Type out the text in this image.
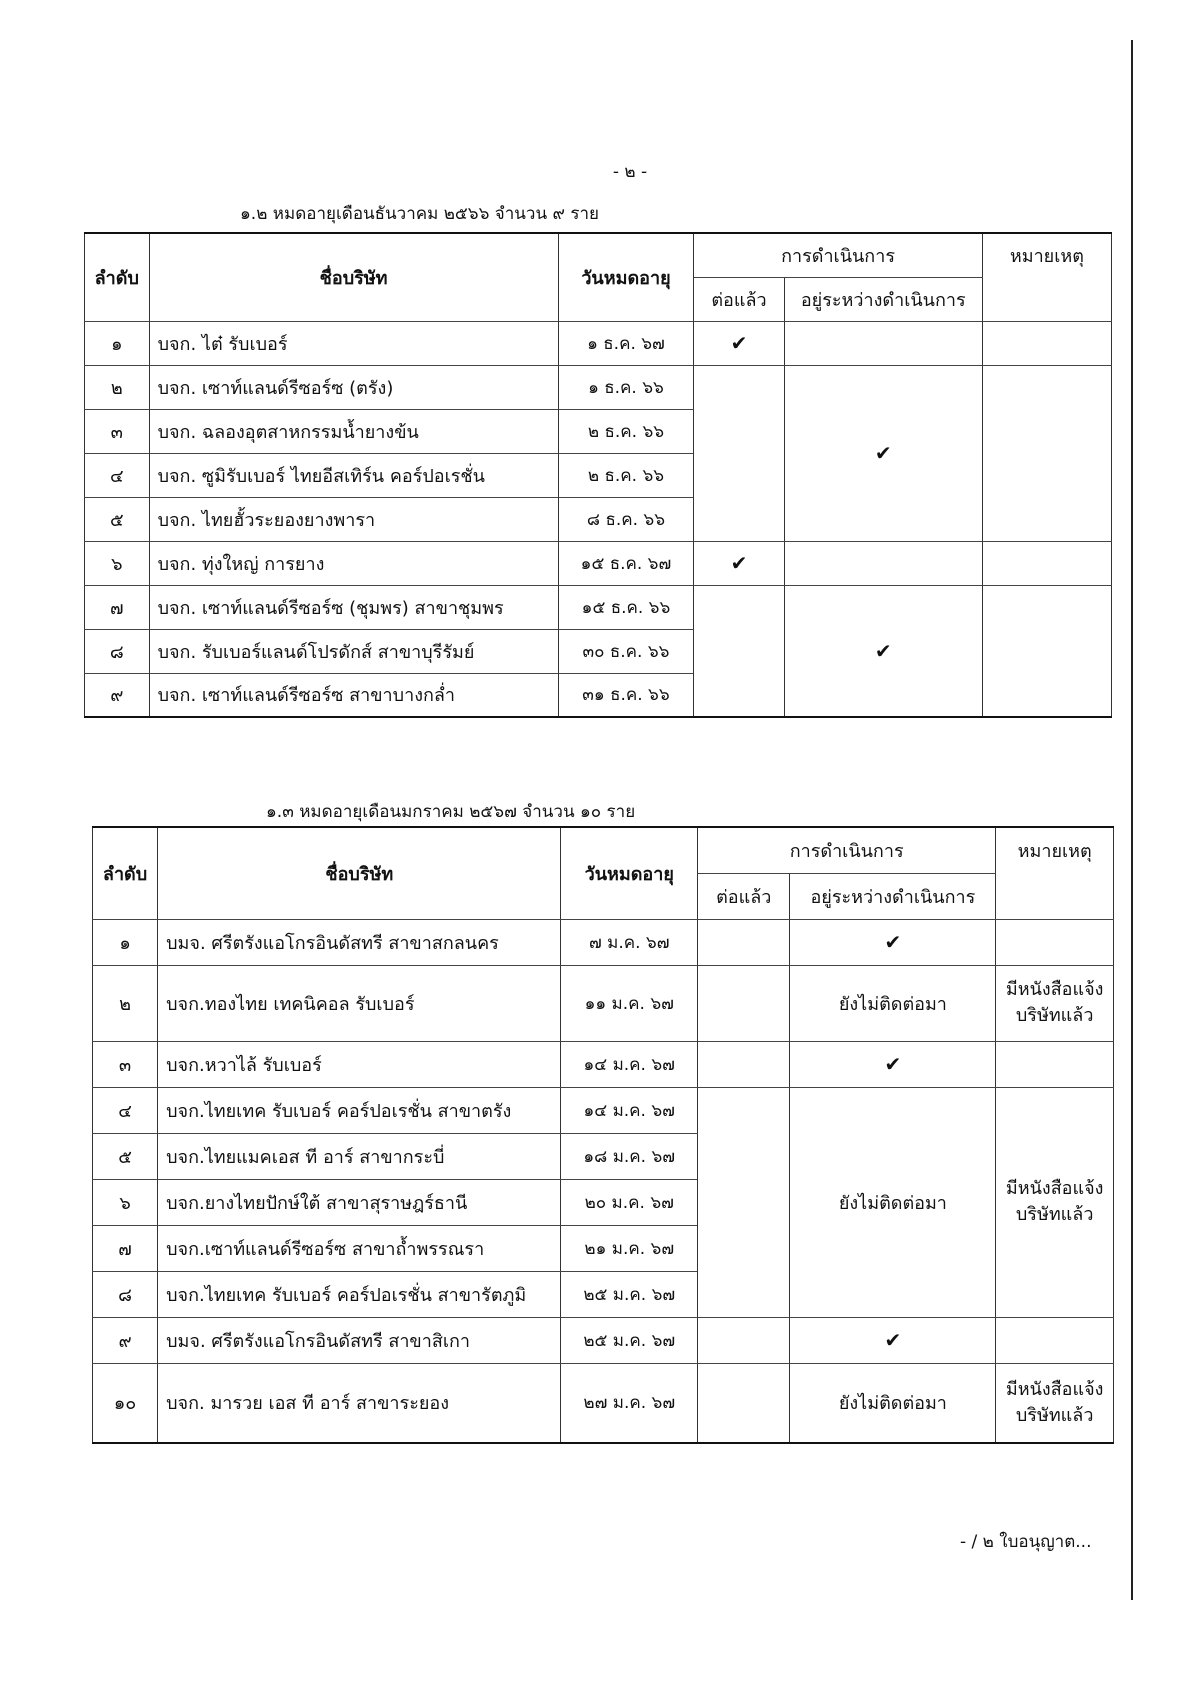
- ๒ -
๑.๒ หมดอายุเดือนธันวาคม ๒๕๖๖ จำนวน ๙ ราย
ลำดับ	ชื่อบริษัท	วันหมดอายุ	การดำเนินการ		หมายเหตุ
			ต่อแล้ว	อยู่ระหว่างดำเนินการ	
๑	บจก. ไต๋ รับเบอร์	๑ ธ.ค. ๖๗	✔		
๒	บจก. เซาท์แลนด์รีซอร์ซ (ตรัง)	๑ ธ.ค. ๖๖		✔	
๓	บจก. ฉลองอุตสาหกรรมน้ำยางข้น	๒ ธ.ค. ๖๖			
๔	บจก. ซูมิรับเบอร์ ไทยอีสเทิร์น คอร์ปอเรชั่น	๒ ธ.ค. ๖๖			
๕	บจก. ไทยฮั้วระยองยางพารา	๘ ธ.ค. ๖๖			
๖	บจก. ทุ่งใหญ่ การยาง	๑๕ ธ.ค. ๖๗	✔		
๗	บจก. เซาท์แลนด์รีซอร์ซ (ชุมพร) สาขาชุมพร	๑๕ ธ.ค. ๖๖		✔	
๘	บจก. รับเบอร์แลนด์โปรดักส์ สาขาบุรีรัมย์	๓๐ ธ.ค. ๖๖			
๙	บจก. เซาท์แลนด์รีซอร์ซ สาขาบางกล่ำ	๓๑ ธ.ค. ๖๖			
๑.๓ หมดอายุเดือนมกราคม ๒๕๖๗ จำนวน ๑๐ ราย
ลำดับ	ชื่อบริษัท	วันหมดอายุ	การดำเนินการ		หมายเหตุ
			ต่อแล้ว	อยู่ระหว่างดำเนินการ	
๑	บมจ. ศรีตรังแอโกรอินดัสทรี สาขาสกลนคร	๗ ม.ค. ๖๗		✔	
๒	บจก.ทองไทย เทคนิคอล รับเบอร์	๑๑ ม.ค. ๖๗		ยังไม่ติดต่อมา	มีหนังสือแจ้งบริษัทแล้ว
๓	บจก.หวาไล้ รับเบอร์	๑๔ ม.ค. ๖๗		✔	
๔	บจก.ไทยเทค รับเบอร์ คอร์ปอเรชั่น สาขาตรัง	๑๔ ม.ค. ๖๗		ยังไม่ติดต่อมา	มีหนังสือแจ้งบริษัทแล้ว
๕	บจก.ไทยแมคเอส ที อาร์ สาขากระบี่	๑๘ ม.ค. ๖๗			
๖	บจก.ยางไทยปักษ์ใต้ สาขาสุราษฎร์ธานี	๒๐ ม.ค. ๖๗			
๗	บจก.เซาท์แลนด์รีซอร์ซ สาขาถ้ำพรรณรา	๒๑ ม.ค. ๖๗			
๘	บจก.ไทยเทค รับเบอร์ คอร์ปอเรชั่น สาขารัตภูมิ	๒๕ ม.ค. ๖๗			
๙	บมจ. ศรีตรังแอโกรอินดัสทรี สาขาสิเกา	๒๕ ม.ค. ๖๗		✔	
๑๐	บจก. มารวย เอส ที อาร์ สาขาระยอง	๒๗ ม.ค. ๖๗		ยังไม่ติดต่อมา	มีหนังสือแจ้งบริษัทแล้ว
- / ๒ ใบอนุญาต...
